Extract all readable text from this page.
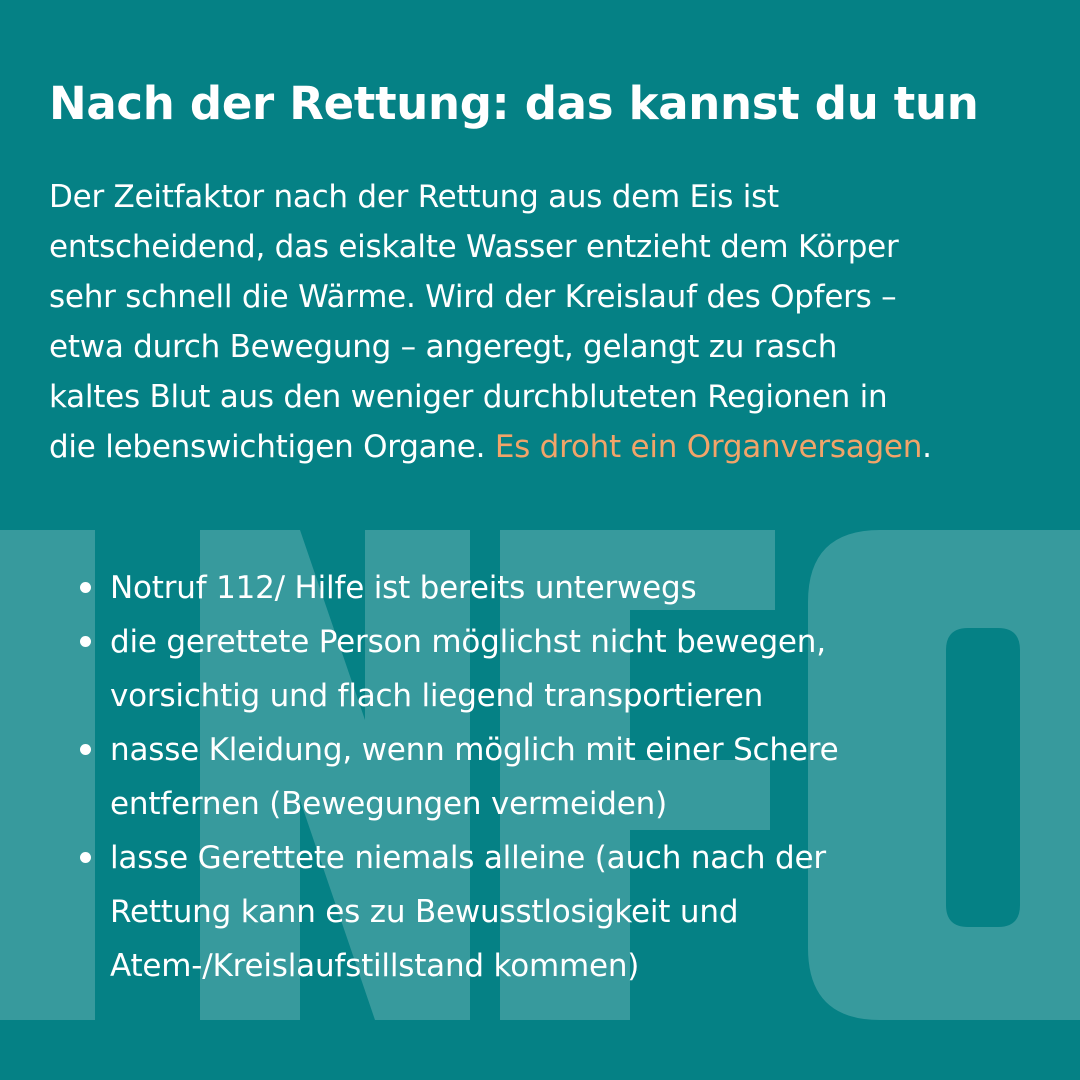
Nach der Rettung: das kannst du tun

Der Zeitfaktor nach der Rettung aus dem Eis ist
entscheidend, das eiskalte Wasser entzieht dem Körper
sehr schnell die Wärme. Wird der Kreislauf des Opfers –
etwa durch Bewegung – angeregt, gelangt zu rasch
kaltes Blut aus den weniger durchbluteten Regionen in
die lebenswichtigen Organe. Es droht ein Organversagen.

Notruf 112/ Hilfe ist bereits unterwegs
die gerettete Person möglichst nicht bewegen,
vorsichtig und flach liegend transportieren
nasse Kleidung, wenn möglich mit einer Schere
entfernen (Bewegungen vermeiden)
lasse Gerettete niemals alleine (auch nach der
Rettung kann es zu Bewusstlosigkeit und
Atem-/Kreislaufstillstand kommen)
